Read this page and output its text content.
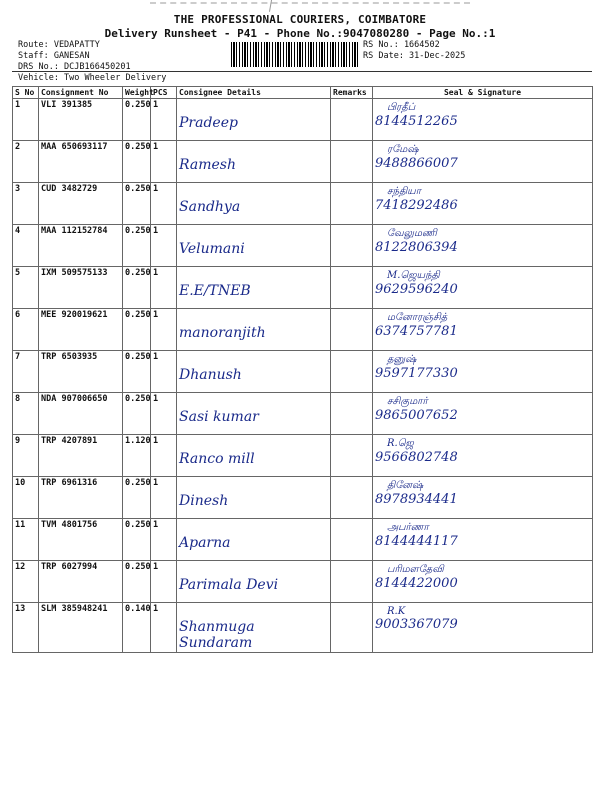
THE PROFESSIONAL COURIERS, COIMBATORE
Delivery Runsheet - P41 - Phone No.:9047080280 - Page No.:1
Route: VEDAPATTY
Staff: GANESAN
DRS No.: DCJB166450201
RS No.: 1664502
RS Date: 31-Dec-2025
Vehicle: Two Wheeler Delivery
S No	Consignment No	Weight	PCS	Consignee Details	Remarks	Seal & Signature
1	VLI 391385	0.250	1	Pradeep		பிரதீப்
8144512265

2	MAA 650693117	0.250	1	Ramesh		ரமேஷ்
9488866007

3	CUD 3482729	0.250	1	Sandhya		சந்தியா
7418292486

4	MAA 112152784	0.250	1	Velumani		வேலுமணி
8122806394

5	IXM 509575133	0.250	1	E.E/TNEB		M.ஜெயந்தி
9629596240

6	MEE 920019621	0.250	1	manoranjith		மனோரஞ்சித்
6374757781

7	TRP 6503935	0.250	1	Dhanush		தனுஷ்
9597177330

8	NDA 907006650	0.250	1	Sasi kumar		சசிகுமார்
9865007652

9	TRP 4207891	1.120	1	Ranco mill		R.ஜெ
9566802748

10	TRP 6961316	0.250	1	Dinesh		தினேஷ்
8978934441

11	TVM 4801756	0.250	1	Aparna		அபர்ணா
8144444117

12	TRP 6027994	0.250	1	Parimala Devi		பரிமளதேவி
8144422000

13	SLM 385948241	0.140	1	Shanmuga Sundaram		R.K
9003367079
